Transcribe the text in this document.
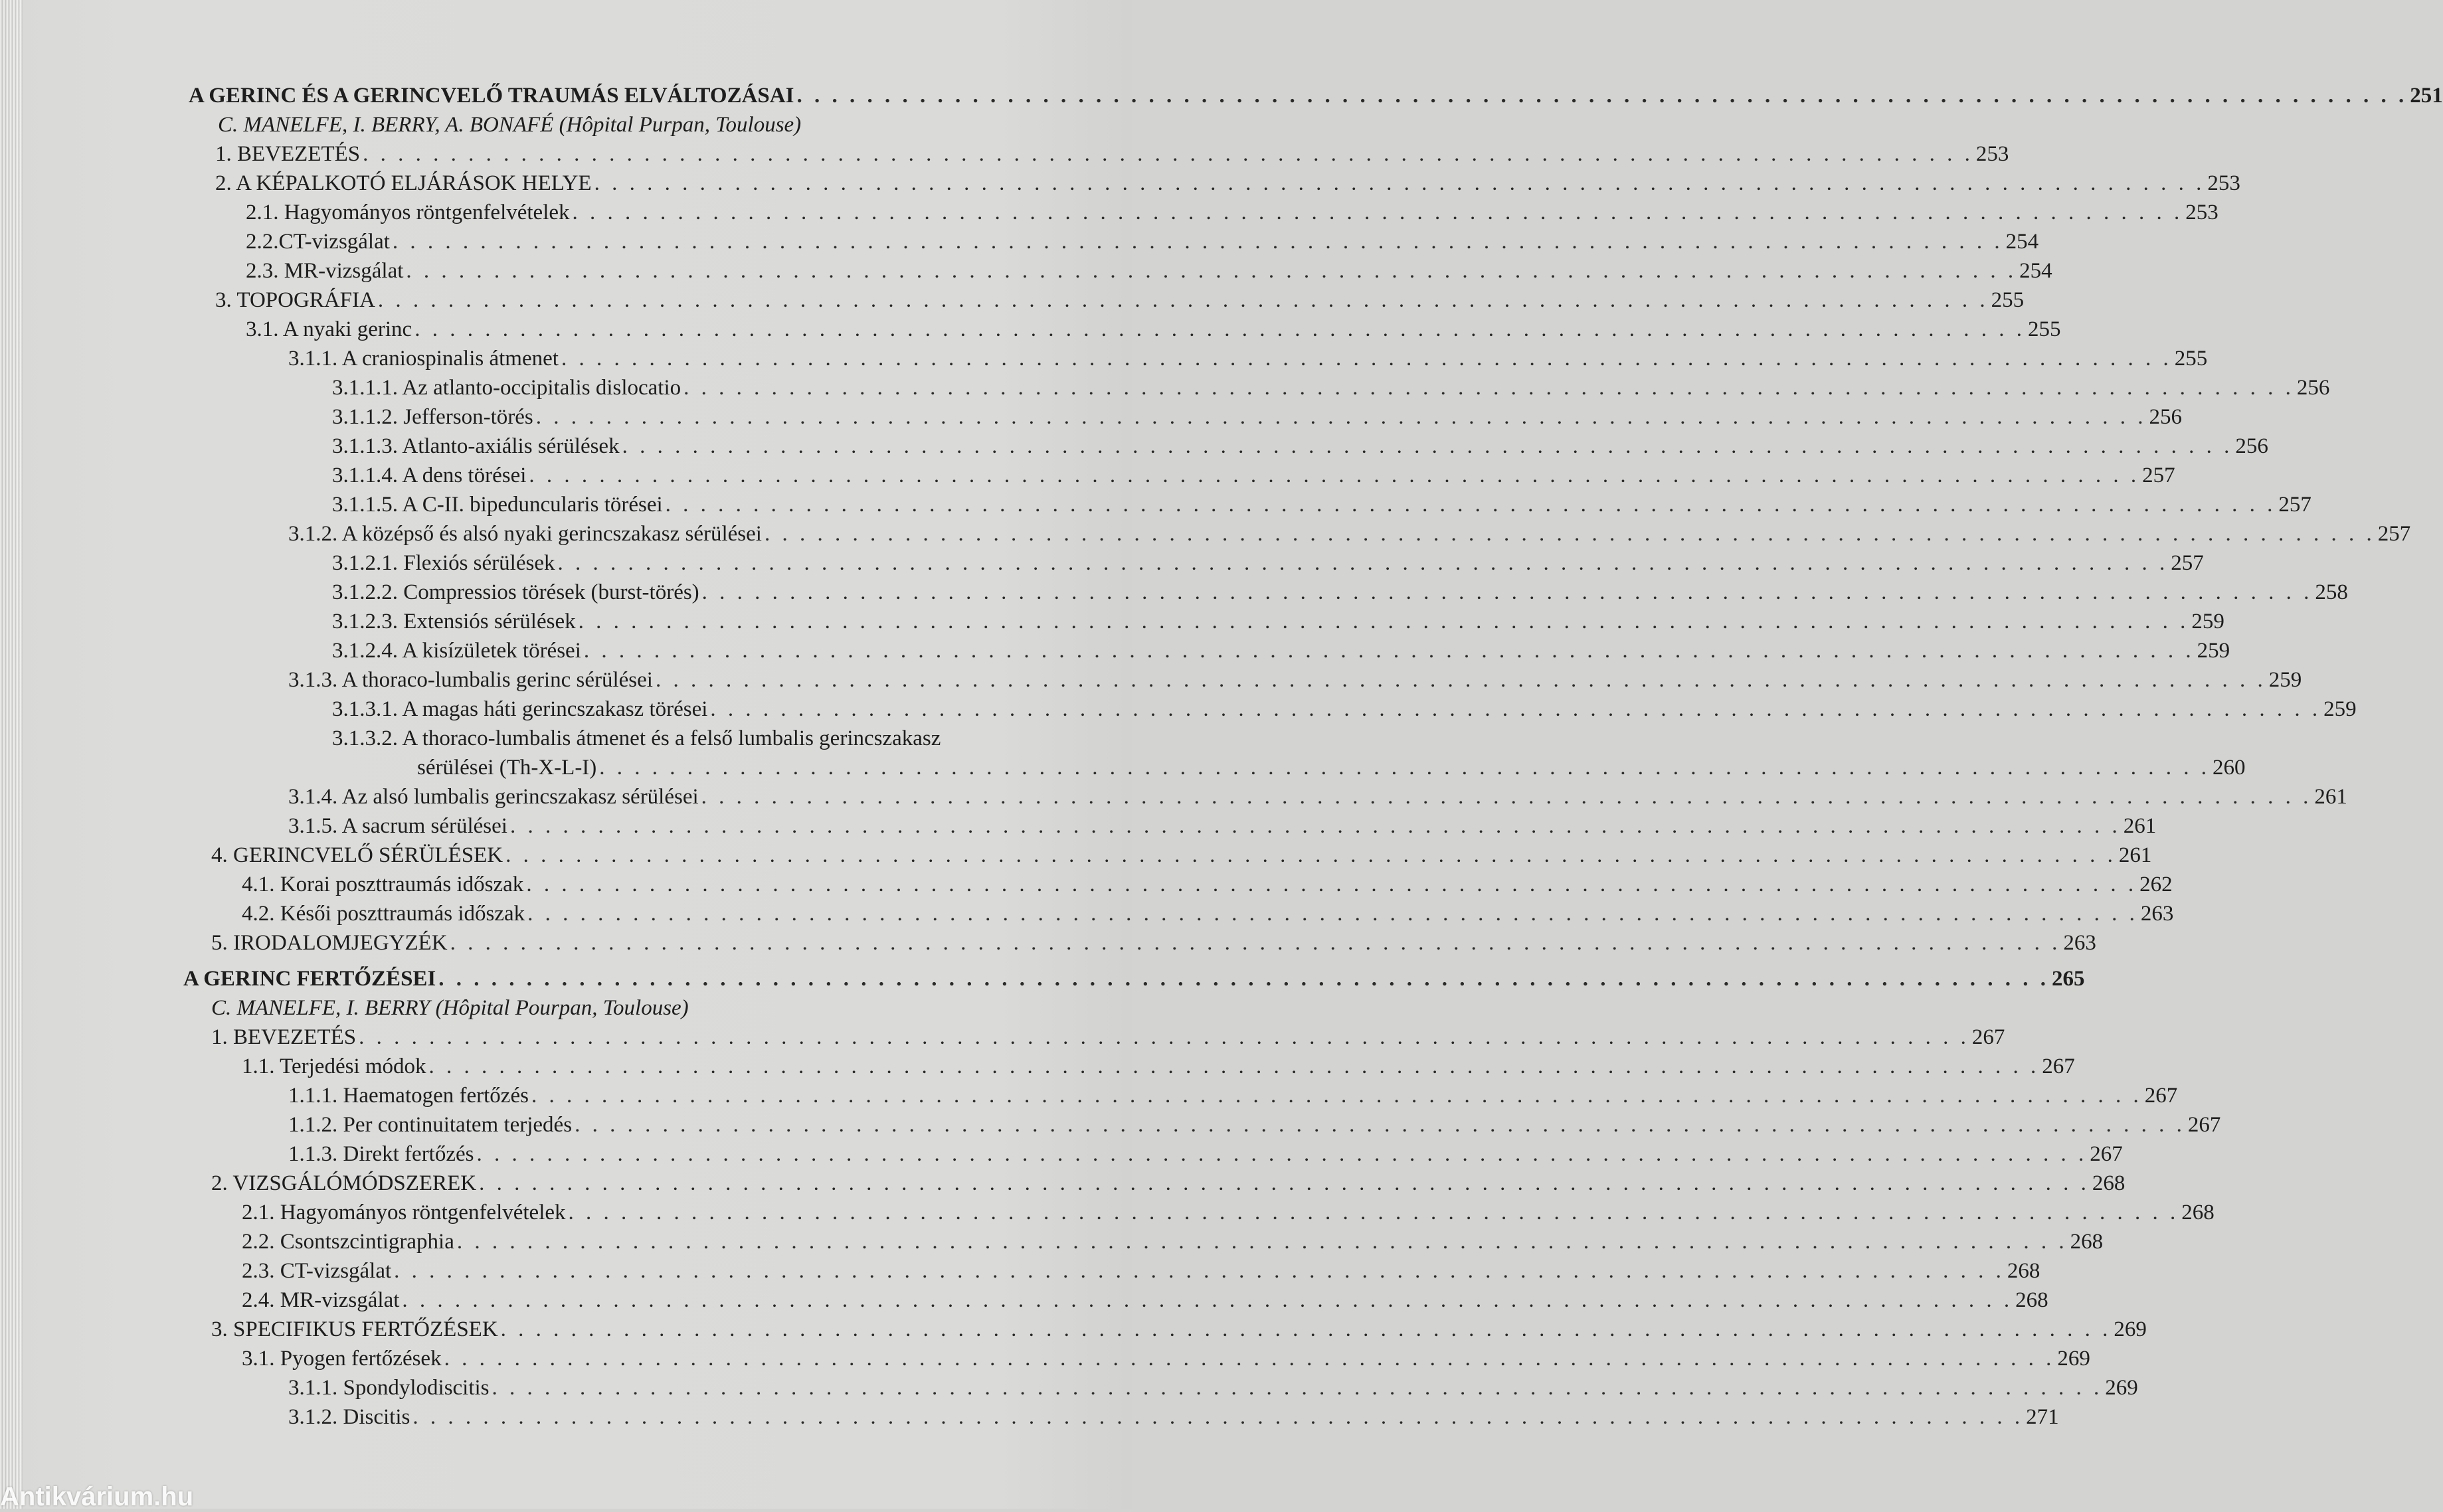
A GERINC ÉS A GERINCVELŐ TRAUMÁS ELVÁLTOZÁSAI . . . . . . . . . . . . . . . . . . . . . . . . . . . . . . . . . . . . . . . . . . . . . . . . . . . . . . . . . . . . . . . . . . . . . . . . . . . . . . . . . . . . . . . . . . . . 251
C. MANELFE, I. BERRY, A. BONAFÉ (Hôpital Purpan, Toulouse)
1. BEVEZETÉS . . . . . . . . . . . . . . . . . . . . . . . . . . . . . . . . . . . . . . . . . . . . . . . . . . . . . . . . . . . . . . . . . . . . . . . . . . . . . . . . . . . . . . . . . . . . 253
2. A KÉPALKOTÓ ELJÁRÁSOK HELYE . . . . . . . . . . . . . . . . . . . . . . . . . . . . . . . . . . . . . . . . . . . . . . . . . . . . . . . . . . . . . . . . . . . . . . . . . . . . . . . . . . . . . . . . . . . . 253
2.1. Hagyományos röntgenfelvételek . . . . . . . . . . . . . . . . . . . . . . . . . . . . . . . . . . . . . . . . . . . . . . . . . . . . . . . . . . . . . . . . . . . . . . . . . . . . . . . . . . . . . . . . . . . . 253
2.2.CT-vizsgálat . . . . . . . . . . . . . . . . . . . . . . . . . . . . . . . . . . . . . . . . . . . . . . . . . . . . . . . . . . . . . . . . . . . . . . . . . . . . . . . . . . . . . . . . . . . . 254
2.3. MR-vizsgálat . . . . . . . . . . . . . . . . . . . . . . . . . . . . . . . . . . . . . . . . . . . . . . . . . . . . . . . . . . . . . . . . . . . . . . . . . . . . . . . . . . . . . . . . . . . . 254
3. TOPOGRÁFIA . . . . . . . . . . . . . . . . . . . . . . . . . . . . . . . . . . . . . . . . . . . . . . . . . . . . . . . . . . . . . . . . . . . . . . . . . . . . . . . . . . . . . . . . . . . . 255
3.1. A nyaki gerinc . . . . . . . . . . . . . . . . . . . . . . . . . . . . . . . . . . . . . . . . . . . . . . . . . . . . . . . . . . . . . . . . . . . . . . . . . . . . . . . . . . . . . . . . . . . . 255
3.1.1. A craniospinalis átmenet . . . . . . . . . . . . . . . . . . . . . . . . . . . . . . . . . . . . . . . . . . . . . . . . . . . . . . . . . . . . . . . . . . . . . . . . . . . . . . . . . . . . . . . . . . . . 255
3.1.1.1. Az atlanto-occipitalis dislocatio . . . . . . . . . . . . . . . . . . . . . . . . . . . . . . . . . . . . . . . . . . . . . . . . . . . . . . . . . . . . . . . . . . . . . . . . . . . . . . . . . . . . . . . . . . . . 256
3.1.1.2. Jefferson-törés . . . . . . . . . . . . . . . . . . . . . . . . . . . . . . . . . . . . . . . . . . . . . . . . . . . . . . . . . . . . . . . . . . . . . . . . . . . . . . . . . . . . . . . . . . . . 256
3.1.1.3. Atlanto-axiális sérülések . . . . . . . . . . . . . . . . . . . . . . . . . . . . . . . . . . . . . . . . . . . . . . . . . . . . . . . . . . . . . . . . . . . . . . . . . . . . . . . . . . . . . . . . . . . . 256
3.1.1.4. A dens törései . . . . . . . . . . . . . . . . . . . . . . . . . . . . . . . . . . . . . . . . . . . . . . . . . . . . . . . . . . . . . . . . . . . . . . . . . . . . . . . . . . . . . . . . . . . . 257
3.1.1.5. A C-II. bipeduncularis törései . . . . . . . . . . . . . . . . . . . . . . . . . . . . . . . . . . . . . . . . . . . . . . . . . . . . . . . . . . . . . . . . . . . . . . . . . . . . . . . . . . . . . . . . . . . . 257
3.1.2. A középső és alsó nyaki gerincszakasz sérülései . . . . . . . . . . . . . . . . . . . . . . . . . . . . . . . . . . . . . . . . . . . . . . . . . . . . . . . . . . . . . . . . . . . . . . . . . . . . . . . . . . . . . . . . . . . . 257
3.1.2.1. Flexiós sérülések . . . . . . . . . . . . . . . . . . . . . . . . . . . . . . . . . . . . . . . . . . . . . . . . . . . . . . . . . . . . . . . . . . . . . . . . . . . . . . . . . . . . . . . . . . . . 257
3.1.2.2. Compressios törések (burst-törés) . . . . . . . . . . . . . . . . . . . . . . . . . . . . . . . . . . . . . . . . . . . . . . . . . . . . . . . . . . . . . . . . . . . . . . . . . . . . . . . . . . . . . . . . . . . . 258
3.1.2.3. Extensiós sérülések . . . . . . . . . . . . . . . . . . . . . . . . . . . . . . . . . . . . . . . . . . . . . . . . . . . . . . . . . . . . . . . . . . . . . . . . . . . . . . . . . . . . . . . . . . . . 259
3.1.2.4. A kisízületek törései . . . . . . . . . . . . . . . . . . . . . . . . . . . . . . . . . . . . . . . . . . . . . . . . . . . . . . . . . . . . . . . . . . . . . . . . . . . . . . . . . . . . . . . . . . . . 259
3.1.3. A thoraco-lumbalis gerinc sérülései . . . . . . . . . . . . . . . . . . . . . . . . . . . . . . . . . . . . . . . . . . . . . . . . . . . . . . . . . . . . . . . . . . . . . . . . . . . . . . . . . . . . . . . . . . . . 259
3.1.3.1. A magas háti gerincszakasz törései . . . . . . . . . . . . . . . . . . . . . . . . . . . . . . . . . . . . . . . . . . . . . . . . . . . . . . . . . . . . . . . . . . . . . . . . . . . . . . . . . . . . . . . . . . . . 259
3.1.3.2. A thoraco-lumbalis átmenet és a felső lumbalis gerincszakasz
sérülései (Th-X-L-I) . . . . . . . . . . . . . . . . . . . . . . . . . . . . . . . . . . . . . . . . . . . . . . . . . . . . . . . . . . . . . . . . . . . . . . . . . . . . . . . . . . . . . . . . . . . . 260
3.1.4. Az alsó lumbalis gerincszakasz sérülései . . . . . . . . . . . . . . . . . . . . . . . . . . . . . . . . . . . . . . . . . . . . . . . . . . . . . . . . . . . . . . . . . . . . . . . . . . . . . . . . . . . . . . . . . . . . 261
3.1.5. A sacrum sérülései . . . . . . . . . . . . . . . . . . . . . . . . . . . . . . . . . . . . . . . . . . . . . . . . . . . . . . . . . . . . . . . . . . . . . . . . . . . . . . . . . . . . . . . . . . . . 261
4. GERINCVELŐ SÉRÜLÉSEK . . . . . . . . . . . . . . . . . . . . . . . . . . . . . . . . . . . . . . . . . . . . . . . . . . . . . . . . . . . . . . . . . . . . . . . . . . . . . . . . . . . . . . . . . . . . 261
4.1. Korai poszttraumás időszak . . . . . . . . . . . . . . . . . . . . . . . . . . . . . . . . . . . . . . . . . . . . . . . . . . . . . . . . . . . . . . . . . . . . . . . . . . . . . . . . . . . . . . . . . . . . 262
4.2. Késői poszttraumás időszak . . . . . . . . . . . . . . . . . . . . . . . . . . . . . . . . . . . . . . . . . . . . . . . . . . . . . . . . . . . . . . . . . . . . . . . . . . . . . . . . . . . . . . . . . . . . 263
5. IRODALOMJEGYZÉK . . . . . . . . . . . . . . . . . . . . . . . . . . . . . . . . . . . . . . . . . . . . . . . . . . . . . . . . . . . . . . . . . . . . . . . . . . . . . . . . . . . . . . . . . . . . 263
A GERINC FERTŐZÉSEI . . . . . . . . . . . . . . . . . . . . . . . . . . . . . . . . . . . . . . . . . . . . . . . . . . . . . . . . . . . . . . . . . . . . . . . . . . . . . . . . . . . . . . . . . . . . 265
C. MANELFE, I. BERRY (Hôpital Pourpan, Toulouse)
1. BEVEZETÉS . . . . . . . . . . . . . . . . . . . . . . . . . . . . . . . . . . . . . . . . . . . . . . . . . . . . . . . . . . . . . . . . . . . . . . . . . . . . . . . . . . . . . . . . . . . . 267
1.1. Terjedési módok . . . . . . . . . . . . . . . . . . . . . . . . . . . . . . . . . . . . . . . . . . . . . . . . . . . . . . . . . . . . . . . . . . . . . . . . . . . . . . . . . . . . . . . . . . . . 267
1.1.1. Haematogen fertőzés . . . . . . . . . . . . . . . . . . . . . . . . . . . . . . . . . . . . . . . . . . . . . . . . . . . . . . . . . . . . . . . . . . . . . . . . . . . . . . . . . . . . . . . . . . . . 267
1.1.2. Per continuitatem terjedés . . . . . . . . . . . . . . . . . . . . . . . . . . . . . . . . . . . . . . . . . . . . . . . . . . . . . . . . . . . . . . . . . . . . . . . . . . . . . . . . . . . . . . . . . . . . 267
1.1.3. Direkt fertőzés . . . . . . . . . . . . . . . . . . . . . . . . . . . . . . . . . . . . . . . . . . . . . . . . . . . . . . . . . . . . . . . . . . . . . . . . . . . . . . . . . . . . . . . . . . . . 267
2. VIZSGÁLÓMÓDSZEREK . . . . . . . . . . . . . . . . . . . . . . . . . . . . . . . . . . . . . . . . . . . . . . . . . . . . . . . . . . . . . . . . . . . . . . . . . . . . . . . . . . . . . . . . . . . . 268
2.1. Hagyományos röntgenfelvételek . . . . . . . . . . . . . . . . . . . . . . . . . . . . . . . . . . . . . . . . . . . . . . . . . . . . . . . . . . . . . . . . . . . . . . . . . . . . . . . . . . . . . . . . . . . . 268
2.2. Csontszcintigraphia . . . . . . . . . . . . . . . . . . . . . . . . . . . . . . . . . . . . . . . . . . . . . . . . . . . . . . . . . . . . . . . . . . . . . . . . . . . . . . . . . . . . . . . . . . . . 268
2.3. CT-vizsgálat . . . . . . . . . . . . . . . . . . . . . . . . . . . . . . . . . . . . . . . . . . . . . . . . . . . . . . . . . . . . . . . . . . . . . . . . . . . . . . . . . . . . . . . . . . . . 268
2.4. MR-vizsgálat . . . . . . . . . . . . . . . . . . . . . . . . . . . . . . . . . . . . . . . . . . . . . . . . . . . . . . . . . . . . . . . . . . . . . . . . . . . . . . . . . . . . . . . . . . . . 268
3. SPECIFIKUS FERTŐZÉSEK . . . . . . . . . . . . . . . . . . . . . . . . . . . . . . . . . . . . . . . . . . . . . . . . . . . . . . . . . . . . . . . . . . . . . . . . . . . . . . . . . . . . . . . . . . . . 269
3.1. Pyogen fertőzések . . . . . . . . . . . . . . . . . . . . . . . . . . . . . . . . . . . . . . . . . . . . . . . . . . . . . . . . . . . . . . . . . . . . . . . . . . . . . . . . . . . . . . . . . . . . 269
3.1.1. Spondylodiscitis . . . . . . . . . . . . . . . . . . . . . . . . . . . . . . . . . . . . . . . . . . . . . . . . . . . . . . . . . . . . . . . . . . . . . . . . . . . . . . . . . . . . . . . . . . . . 269
3.1.2. Discitis . . . . . . . . . . . . . . . . . . . . . . . . . . . . . . . . . . . . . . . . . . . . . . . . . . . . . . . . . . . . . . . . . . . . . . . . . . . . . . . . . . . . . . . . . . . . 271
Antikvárium.hu
